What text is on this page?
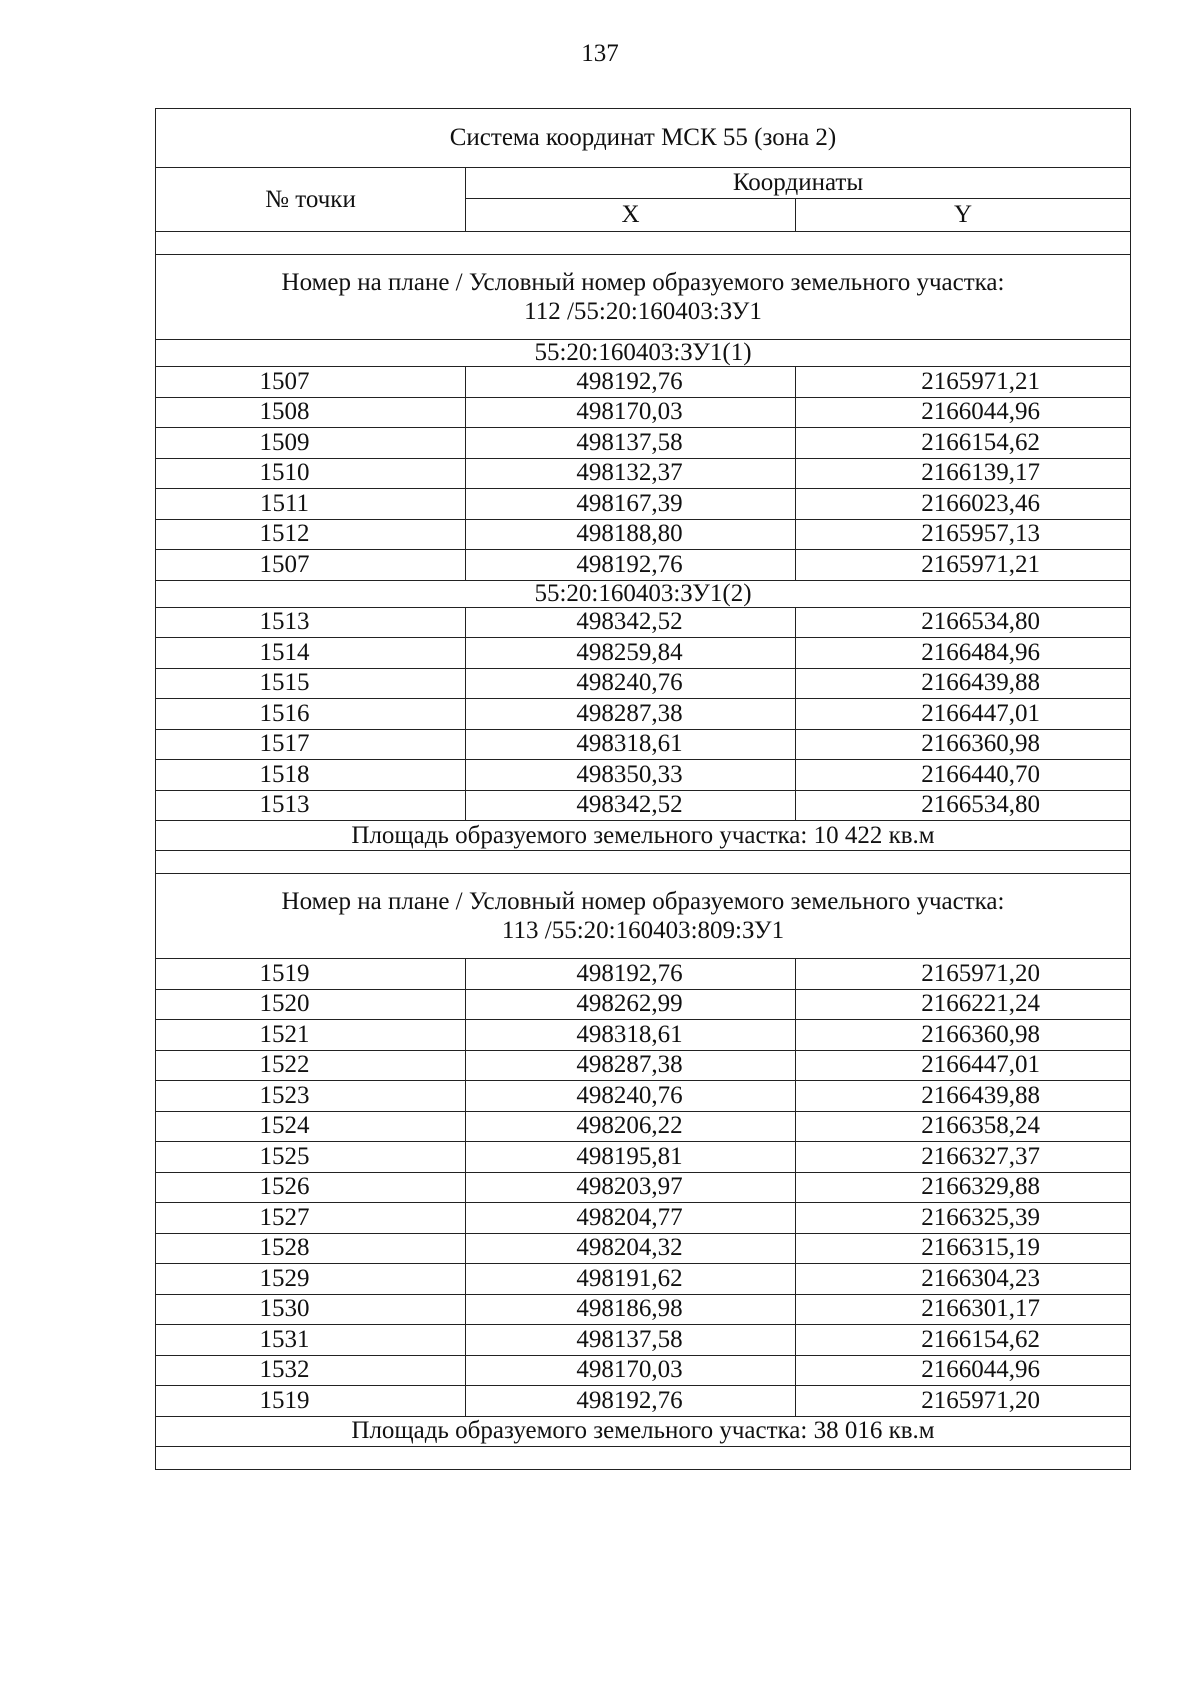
137
Система координат МСК 55 (зона 2)		
№ точки	Координаты	
	X	Y

Номер на плане / Условный номер образуемого земельного участка:
112 /55:20:160403:ЗУ1		

55:20:160403:ЗУ1(1)		
1507	498192,76	2165971,21
1508	498170,03	2166044,96
1509	498137,58	2166154,62
1510	498132,37	2166139,17
1511	498167,39	2166023,46
1512	498188,80	2165957,13
1507	498192,76	2165971,21
55:20:160403:ЗУ1(2)		
1513	498342,52	2166534,80
1514	498259,84	2166484,96
1515	498240,76	2166439,88
1516	498287,38	2166447,01
1517	498318,61	2166360,98
1518	498350,33	2166440,70
1513	498342,52	2166534,80
Площадь образуемого земельного участка: 10 422 кв.м		

Номер на плане / Условный номер образуемого земельного участка:
113 /55:20:160403:809:ЗУ1		

1519	498192,76	2165971,20
1520	498262,99	2166221,24
1521	498318,61	2166360,98
1522	498287,38	2166447,01
1523	498240,76	2166439,88
1524	498206,22	2166358,24
1525	498195,81	2166327,37
1526	498203,97	2166329,88
1527	498204,77	2166325,39
1528	498204,32	2166315,19
1529	498191,62	2166304,23
1530	498186,98	2166301,17
1531	498137,58	2166154,62
1532	498170,03	2166044,96
1519	498192,76	2165971,20
Площадь образуемого земельного участка: 38 016 кв.м		
